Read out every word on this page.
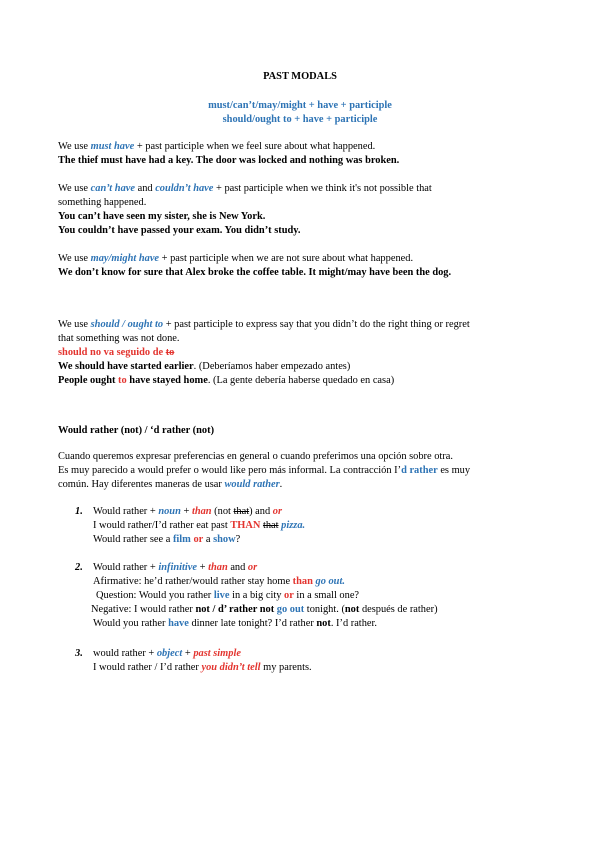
PAST MODALS
must/can’t/may/might + have + participle
should/ought to + have + participle
We use must have + past participle when we feel sure about what happened.
The thief must have had a key. The door was locked and nothing was broken.
We use can’t have and couldn’t have + past participle when we think it's not possible that
something happened.
You can’t have seen my sister, she is New York.
You couldn’t have passed your exam. You didn’t study.
We use may/might have + past participle when we are not sure about what happened.
We don’t know for sure that Alex broke the coffee table. It might/may have been the dog.
We use should / ought to + past participle to express say that you didn’t do the right thing or regret
that something was not done.
should no va seguido de to
We should have started earlier. (Deberíamos haber empezado antes)
People ought to have stayed home. (La gente debería haberse quedado en casa)
Would rather (not) / ‘d rather (not)
Cuando queremos expresar preferencias en general o cuando preferimos una opción sobre otra.
Es muy parecido a would prefer o would like pero más informal. La contracción I’d rather es muy
común. Hay diferentes maneras de usar would rather.
1. Would rather + noun + than (not that) and or
I would rather/I’d rather eat past THAN that pizza.
Would rather see a film or a show?
2. Would rather + infinitive + than and or
Afirmative: he’d rather/would rather stay home than go out.
Question: Would you rather live in a big city or in a small one?
Negative: I would rather not / d’ rather not go out tonight. (not después de rather)
Would you rather have dinner late tonight? I’d rather not. I’d rather.
3. would rather + object + past simple
I would rather / I’d rather you didn’t tell my parents.
